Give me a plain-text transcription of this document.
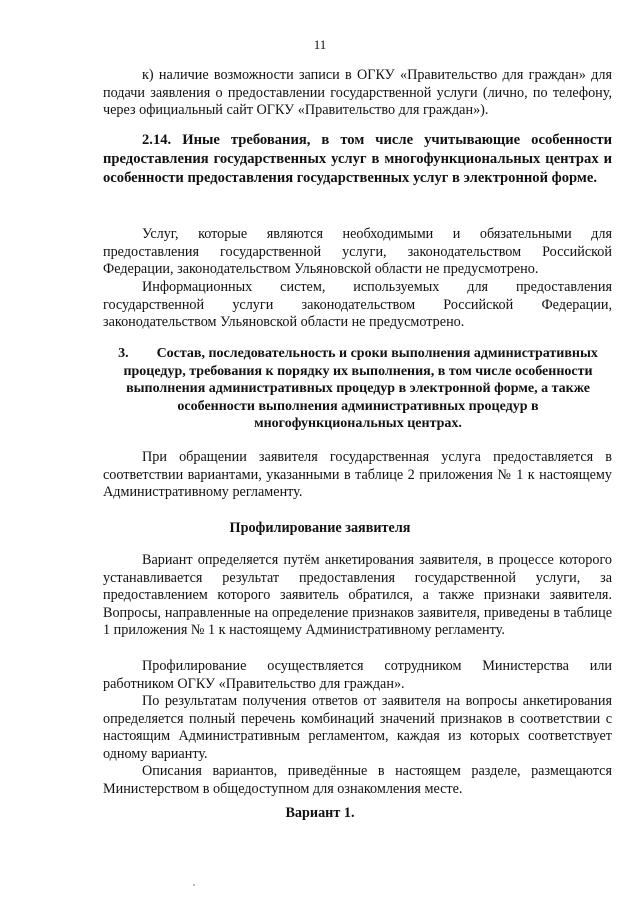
11

к) наличие возможности записи в ОГКУ «Правительство для граждан» для подачи заявления о предоставлении государственной услуги (лично, по телефону, через официальный сайт ОГКУ «Правительство для граждан»).

2.14. Иные требования, в том числе учитывающие особенности предоставления государственных услуг в многофункциональных центрах и особенности предоставления государственных услуг в электронной форме.

Услуг, которые являются необходимыми и обязательными для предоставления государственной услуги, законодательством Российской Федерации, законодательством Ульяновской области не предусмотрено.

Информационных систем, используемых для предоставления государственной услуги законодательством Российской Федерации, законодательством Ульяновской области не предусмотрено.

3. Состав, последовательность и сроки выполнения административных процедур, требования к порядку их выполнения, в том числе особенности выполнения административных процедур в электронной форме, а также особенности выполнения административных процедур в многофункциональных центрах.

При обращении заявителя государственная услуга предоставляется в соответствии вариантами, указанными в таблице 2 приложения № 1 к настоящему Административному регламенту.

Профилирование заявителя

Вариант определяется путём анкетирования заявителя, в процессе которого устанавливается результат предоставления государственной услуги, за предоставлением которого заявитель обратился, а также признаки заявителя. Вопросы, направленные на определение признаков заявителя, приведены в таблице 1 приложения № 1 к настоящему Административному регламенту.

Профилирование осуществляется сотрудником Министерства или работником ОГКУ «Правительство для граждан».

По результатам получения ответов от заявителя на вопросы анкетирования определяется полный перечень комбинаций значений признаков в соответствии с настоящим Административным регламентом, каждая из которых соответствует одному варианту.

Описания вариантов, приведённые в настоящем разделе, размещаются Министерством в общедоступном для ознакомления месте.

Вариант 1.
